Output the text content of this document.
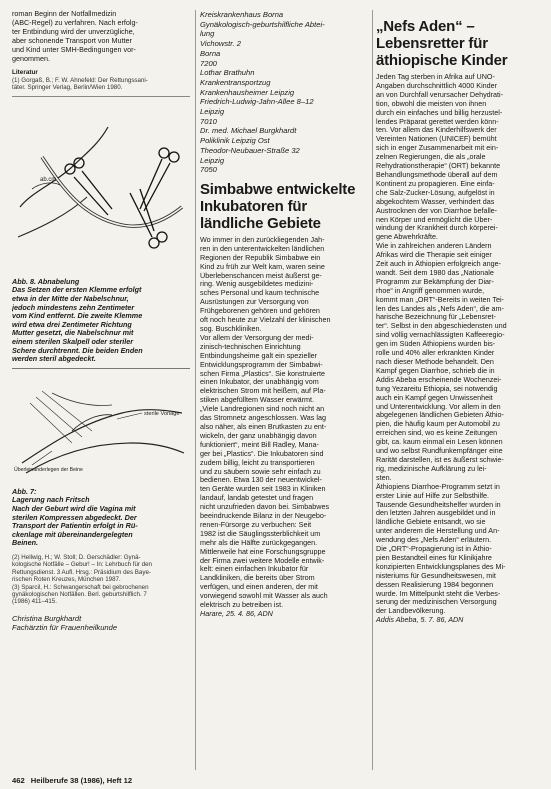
roman Beginn der Notfallmedizin
(ABC-Regel) zu verfahren. Nach erfolg-
ter Entbindung wird der unverzügliche,
aber schonende Transport von Mutter
und Kind unter SMH-Bedingungen vor-
genommen.
Literatur
(1) Gorgaß, B.; F. W. Ahnefeld: Der Rettungssani-
täter. Springer Verlag, Berlin/Wien 1980.
ab.cm
Abb. 8. Abnabelung
Das Setzen der ersten Klemme erfolgt
etwa in der Mitte der Nabelschnur,
jedoch mindestens zehn Zentimeter
vom Kind entfernt. Die zweite Klemme
wird etwa drei Zentimeter Richtung
Mutter gesetzt, die Nabelschnur mit
einem sterilen Skalpell oder steriler
Schere durchtrennt. Die beiden Enden
werden steril abgedeckt.
sterile Vorlage
Überleinanderlegen der Beine
Abb. 7:
Lagerung nach Fritsch
Nach der Geburt wird die Vagina mit
sterilen Kompressen abgedeckt. Der
Transport der Patientin erfolgt in Rü-
ckenlage mit übereinandergelegten
Beinen.
(2) Hellwig, H.; W. Stoll; D. Gerschädler: Gynä-
kologische Notfälle – Gebur! – In: Lehrbuch für den
Rettungsdienst. 3 Aufl. Hrsg.: Präsidium des Baye-
rischen Roten Kreuzes, München 1987.
(3) Sparcil, H.: Schwangerschaft bei gebrochenen
gynäkologischen Notfällen. Berl. geburtshilflich. 7
(1986) 411–415.
Christina Burgkhardt
Fachärztin für Frauenheilkunde
Kreiskrankenhaus Borna
Gynäkologisch-geburtshilfliche Abtei-
lung
Vichowstr. 2
Borna
7200
Lothar Brathuhn
Krankentransportzug
Krankenhausheimer Leipzig
Friedrich-Ludwig-Jahn-Allee 8–12
Leipzig
7010
Dr. med. Michael Burgkhardt
Poliklinik Leipzig Ost
Theodor-Neubauer-Straße 32
Leipzig
7050
Simbabwe entwickelte
Inkubatoren für
ländliche Gebiete
Wo immer in den zurückliegenden Jah-
ren in den unterentwickelten ländlichen
Regionen der Republik Simbabwe ein
Kind zu früh zur Welt kam, waren seine
Überlebenschancen meist äußerst ge-
ring. Wenig ausgebildetes medizini-
sches Personal und kaum technische
Ausrüstungen zur Versorgung von
Frühgeborenen gehören und gehören
oft noch heute zur Vielzahl der klinischen
sog. Buschkliniken.
Vor allem der Versorgung der medi-
zinisch-technischen Einrichtung
Entbindungsheime galt ein spezieller
Entwicklungsprogramm der Simbabwi-
schen Firma „Plastics“. Sie konstruierte
einen Inkubator, der unabhängig vom
elektrischen Strom mit heißem, auf Pla-
stiken abgefülltem Wasser erwärmt.
„Viele Landregionen sind noch nicht an
das Stromnetz angeschlossen. Was lag
also näher, als einen Brutkasten zu ent-
wickeln, der ganz unabhängig davon
funktioniert“, meint Bill Radley, Mana-
ger bei „Plastics“. Die Inkubatoren sind
zudem billig, leicht zu transportieren
und zu säubern sowie sehr einfach zu
bedienen. Etwa 130 der neuentwickel-
ten Geräte wurden seit 1983 in Kliniken
landauf, landab getestet und fragen
nicht unzufrieden davon bei. Simbabwes
beeindruckende Bilanz in der Neugebo-
renen-Fürsorge zu verbuchen: Seit
1982 ist die Säuglingssterblichkeit um
mehr als die Hälfte zurückgegangen.
Mittlerweile hat eine Forschungsgruppe
der Firma zwei weitere Modelle entwik-
kelt: einen einfachen Inkubator für
Landkliniken, die bereits über Strom
verfügen, und einen anderen, der mit
vorwiegend sowohl mit Wasser als auch
elektrisch zu betreiben ist.
Harare, 25. 4. 86, ADN
„Nefs Aden“ –
Lebensretter für
äthiopische Kinder
Jeden Tag sterben in Afrika auf UNO-
Angaben durchschnittlich 4000 Kinder
an von Durchfall verursacher Dehydrati-
tion, obwohl die meisten von ihnen
durch ein einfaches und billig herzustel-
lendes Präparat gerettet werden könn-
ten. Vor allem das Kinderhilfswerk der
Vereinten Nationen (UNICEF) bemüht
sich in enger Zusammenarbeit mit ein-
zelnen Regierungen, die als „orale
Rehydrationstherapie“ (ORT) bekannte
Behandlungsmethode überall auf dem
Kontinent zu propagieren. Eine einfa-
che Salz-Zucker-Lösung, aufgelöst in
abgekochtem Wasser, verhindert das
Austrocknen der von Diarrhoe befalle-
nen Körper und ermöglicht die Über-
windung der Krankheit durch körperei-
gene Abwehrkräfte.
Wie in zahlreichen anderen Ländern
Afrikas wird die Therapie seit einiger
Zeit auch in Äthiopien erfolgreich ange-
wandt. Seit dem 1980 das „Nationale
Programm zur Bekämpfung der Diar-
rhoe“ in Angriff genommen wurde,
kommt man „ORT“-Bereits in weiten Tei-
len des Landes als „Nefs Aden“, die am-
harische Bezeichnung für „Lebensret-
ter“. Selbst in den abgeschiedensten und
sind völlig vernachlässigten Kaffeeregio-
gen im Süden Äthiopiens wurden bis-
rolle und 40% aller erkrankten Kinder
nach dieser Methode behandelt. Den
Kampf gegen Diarrhoe, schrieb die in
Addis Abeba erscheinende Wochenzei-
tung Yezareitu Ethiopia, sei notwendig
auch ein Kampf gegen Unwissenheit
und Unterentwicklung. Vor allem in den
abgelegenen ländlichen Gebieten Äthio-
pien, die häufig kaum per Automobil zu
erreichen sind, wo es keine Zeitungen
gibt, ca. kaum einmal ein Lesen können
und wo selbst Rundfunkempfänger eine
Rarität darstellen, ist es äußerst schwie-
rig, medizinische Aufklärung zu lei-
sten.
Äthiopiens Diarrhoe-Programm setzt in
erster Linie auf Hilfe zur Selbsthilfe.
Tausende Gesundheitshelfer wurden in
den letzten Jahren ausgebildet und in
ländliche Gebiete entsandt, wo sie
unter anderem die Herstellung und An-
wendung des „Nefs Aden“ erläutern.
Die „ORT“-Propagierung ist in Äthio-
pien Bestandteil eines für Klinikjahre
konzipierten Entwicklungsplanes des Mi-
nisteriums für Gesundheitswesen, mit
dessen Realisierung 1984 begonnen
wurde. Im Mittelpunkt steht die Verbes-
serung der medizinischen Versorgung
der Landbevölkerung.
Addis Abeba, 5. 7. 86, ADN
462 Heilberufe 38 (1986), Heft 12
